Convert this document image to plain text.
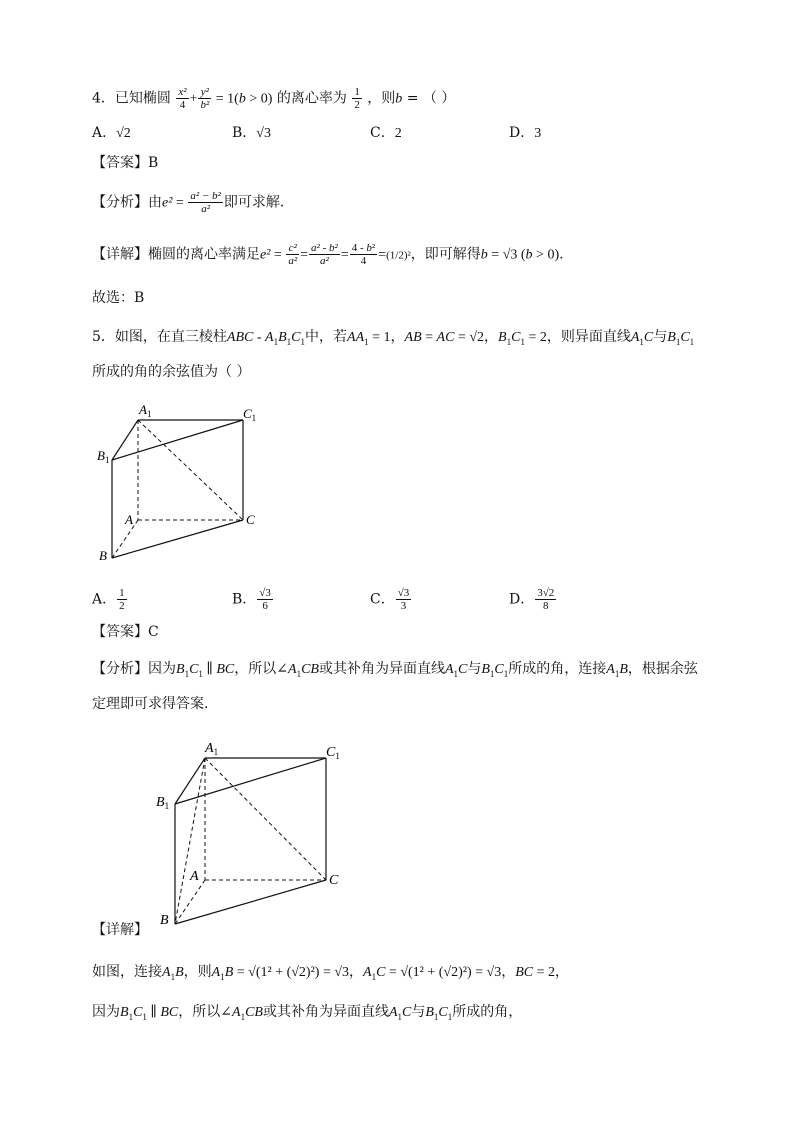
4．已知椭圆 $\frac{\text{x²}}{4} + \frac{\text{y²}}{\text{b²}} = 1(b > 0)$ 的离心率为 $\frac{1}{2}$ ，则b = （ ）
A．√2	B．√3	C．2	D．3
【答案】B
【分析】由$e^2 = \frac{\text{a² − b²}}{\text{a²}}$ 即可求解.
【详解】椭圆的离心率满足$e^2 = \frac{\text{c²}}{\text{a²}} = \frac{\text{a² - b²}}{\text{a²}} = \frac{\text{4 - b²}}{4} =(1/2)^2$，即可解得b = √3 (b > 0).
故选：B
5．如图，在直三棱柱ABC - $A_1B_1C_1$中，若$AA_1 = 1$，AB = AC = √2，$B_1C_1 = 2$，则异面直线$A_1C$与$B_1C_1$
所成的角的余弦值为（ ）
$A_1$	$C_1$
$B_1$
A	C
B
A． $\frac{1}{2}$	B． $\frac{√3}{6}$	C． $\frac{√3}{3}$	D． $\frac{3√2}{8}$
【答案】C
【分析】因为$B_1C_1$ ∥ BC，所以$\angle A_1CB$或其补角为异面直线$A_1C$与$B_1C_1$所成的角，连接$A_1B$，根据余弦
定理即可求得答案.
$A_1$	$C_1$
$B_1$
A	C
B
【详解】
如图，连接$A_1B$，则$A_1B = √(1^2 + (√2)^2) = √3$，$A_1C = √(1^2 + (√2)^2) = √3$，BC = 2，
因为$B_1C_1$ ∥ BC，所以$\angle A_1CB$或其补角为异面直线$A_1C$与$B_1C_1$所成的角，
